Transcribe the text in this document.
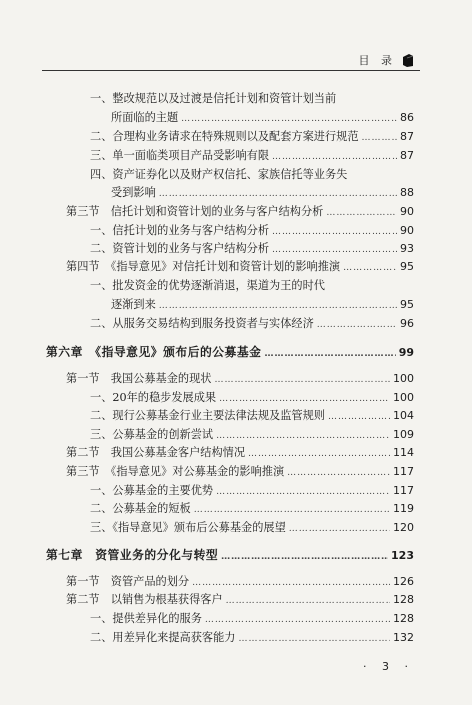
目 录
一、整改规范以及过渡是信托计划和资管计划当前
所面临的主题 …………………………………………………………………………………………………………………………………………	86
二、合理构业务请求在特殊规则以及配套方案进行规范 …………………………………………………………………………………………………………………………………………	87
三、单一面临类项目产品受影响有限 …………………………………………………………………………………………………………………………………………	87
四、资产证券化以及财产权信托、家族信托等业务失
受到影响 …………………………………………………………………………………………………………………………………………	88
第三节　信托计划和资管计划的业务与客户结构分析 …………………………………………………………………………………………………………………………………………	90
一、信托计划的业务与客户结构分析 …………………………………………………………………………………………………………………………………………	90
二、资管计划的业务与客户结构分析 …………………………………………………………………………………………………………………………………………	93
第四节　《指导意见》对信托计划和资管计划的影响推演 …………………………………………………………………………………………………………………………………………	95
一、批发资金的优势逐渐消退，渠道为王的时代
逐渐到来 …………………………………………………………………………………………………………………………………………	95
二、从服务交易结构到服务投资者与实体经济 …………………………………………………………………………………………………………………………………………	96
第六章　《指导意见》颁布后的公募基金 …………………………………………………………………………………………………………………………………………	99
第一节　我国公募基金的现状 …………………………………………………………………………………………………………………………………………	100
一、20年的稳步发展成果 …………………………………………………………………………………………………………………………………………	100
二、现行公募基金行业主要法律法规及监管规则 …………………………………………………………………………………………………………………………………………	104
三、公募基金的创新尝试 …………………………………………………………………………………………………………………………………………	109
第二节　我国公募基金客户结构情况 …………………………………………………………………………………………………………………………………………	114
第三节　《指导意见》对公募基金的影响推演 …………………………………………………………………………………………………………………………………………	117
一、公募基金的主要优势 …………………………………………………………………………………………………………………………………………	117
二、公募基金的短板 …………………………………………………………………………………………………………………………………………	119
三、《指导意见》颁布后公募基金的展望 …………………………………………………………………………………………………………………………………………	120
第七章　资管业务的分化与转型 …………………………………………………………………………………………………………………………………………	123
第一节　资管产品的划分 …………………………………………………………………………………………………………………………………………	126
第二节　以销售为根基获得客户 …………………………………………………………………………………………………………………………………………	128
一、提供差异化的服务 …………………………………………………………………………………………………………………………………………	128
二、用差异化来提高获客能力 …………………………………………………………………………………………………………………………………………	132
· 3 ·
